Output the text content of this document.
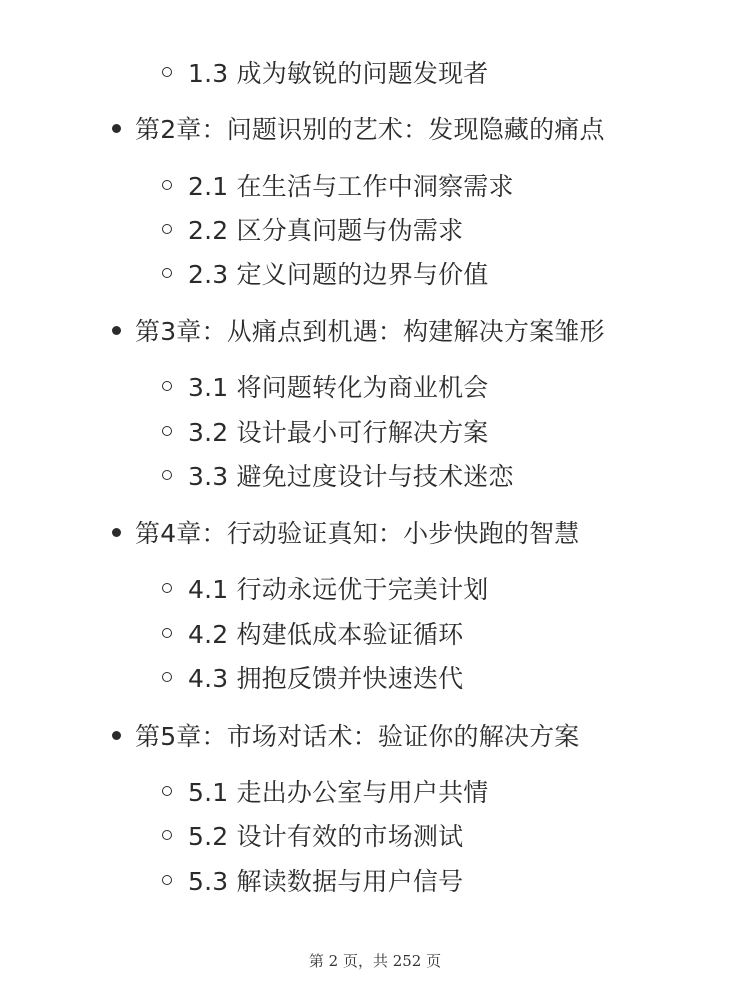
1.3 成为敏锐的问题发现者
第2章：问题识别的艺术：发现隐藏的痛点
2.1 在生活与工作中洞察需求
2.2 区分真问题与伪需求
2.3 定义问题的边界与价值
第3章：从痛点到机遇：构建解决方案雏形
3.1 将问题转化为商业机会
3.2 设计最小可行解决方案
3.3 避免过度设计与技术迷恋
第4章：行动验证真知：小步快跑的智慧
4.1 行动永远优于完美计划
4.2 构建低成本验证循环
4.3 拥抱反馈并快速迭代
第5章：市场对话术：验证你的解决方案
5.1 走出办公室与用户共情
5.2 设计有效的市场测试
5.3 解读数据与用户信号
第 2 页，共 252 页
